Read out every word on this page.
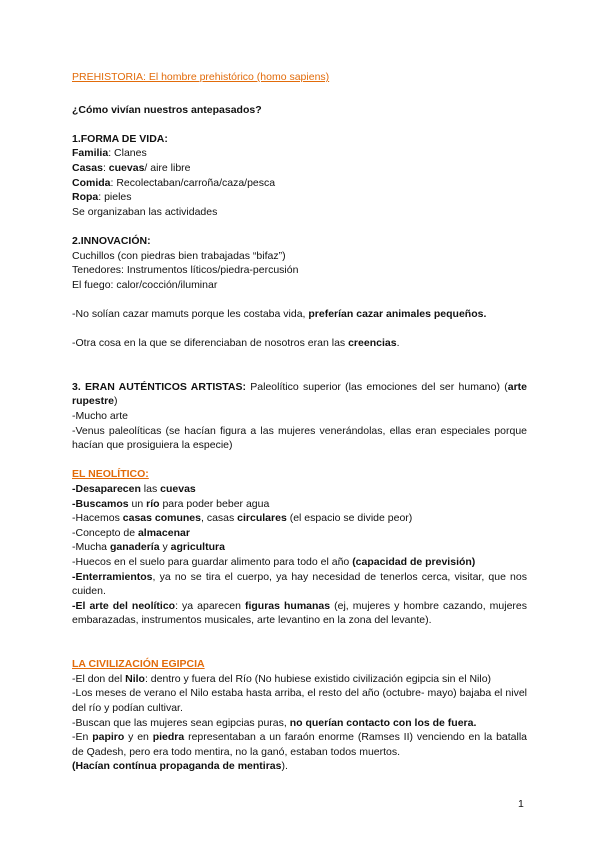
PREHISTORIA: El hombre prehistórico (homo sapiens)

¿Cómo vivían nuestros antepasados?

1.FORMA DE VIDA:

Familia: Clanes

Casas: cuevas/ aire libre

Comida: Recolectaban/carroña/caza/pesca

Ropa: pieles

Se organizaban las actividades

2.INNOVACIÓN:

Cuchillos (con piedras bien trabajadas “bifaz”)

Tenedores: Instrumentos líticos/piedra-percusión

El fuego: calor/cocción/iluminar

-No solían cazar mamuts porque les costaba vida, preferían cazar animales pequeños.

-Otra cosa en la que se diferenciaban de nosotros eran las creencias.

3. ERAN AUTÉNTICOS ARTISTAS: Paleolítico superior (las emociones del ser humano) (arte rupestre)

-Mucho arte

-Venus paleolíticas (se hacían figura a las mujeres venerándolas, ellas eran especiales porque hacían que prosiguiera la especie)

EL NEOLÍTICO:

-Desaparecen las cuevas

-Buscamos un río para poder beber agua

-Hacemos casas comunes, casas circulares (el espacio se divide peor)

-Concepto de almacenar

-Mucha ganadería y agricultura

-Huecos en el suelo para guardar alimento para todo el año (capacidad de previsión)

-Enterramientos, ya no se tira el cuerpo, ya hay necesidad de tenerlos cerca, visitar, que nos cuiden.

-El arte del neolítico: ya aparecen figuras humanas (ej, mujeres y hombre cazando, mujeres embarazadas, instrumentos musicales, arte levantino en la zona del levante).

LA CIVILIZACIÓN EGIPCIA

-El don del Nilo: dentro y fuera del Río (No hubiese existido civilización egipcia sin el Nilo)

-Los meses de verano el Nilo estaba hasta arriba, el resto del año (octubre- mayo) bajaba el nivel del río y podían cultivar.

-Buscan que las mujeres sean egipcias puras, no querían contacto con los de fuera.

-En papiro y en piedra representaban a un faraón enorme (Ramses II) venciendo en la batalla de Qadesh, pero era todo mentira, no la ganó, estaban todos muertos.

(Hacían contínua propaganda de mentiras).

1
